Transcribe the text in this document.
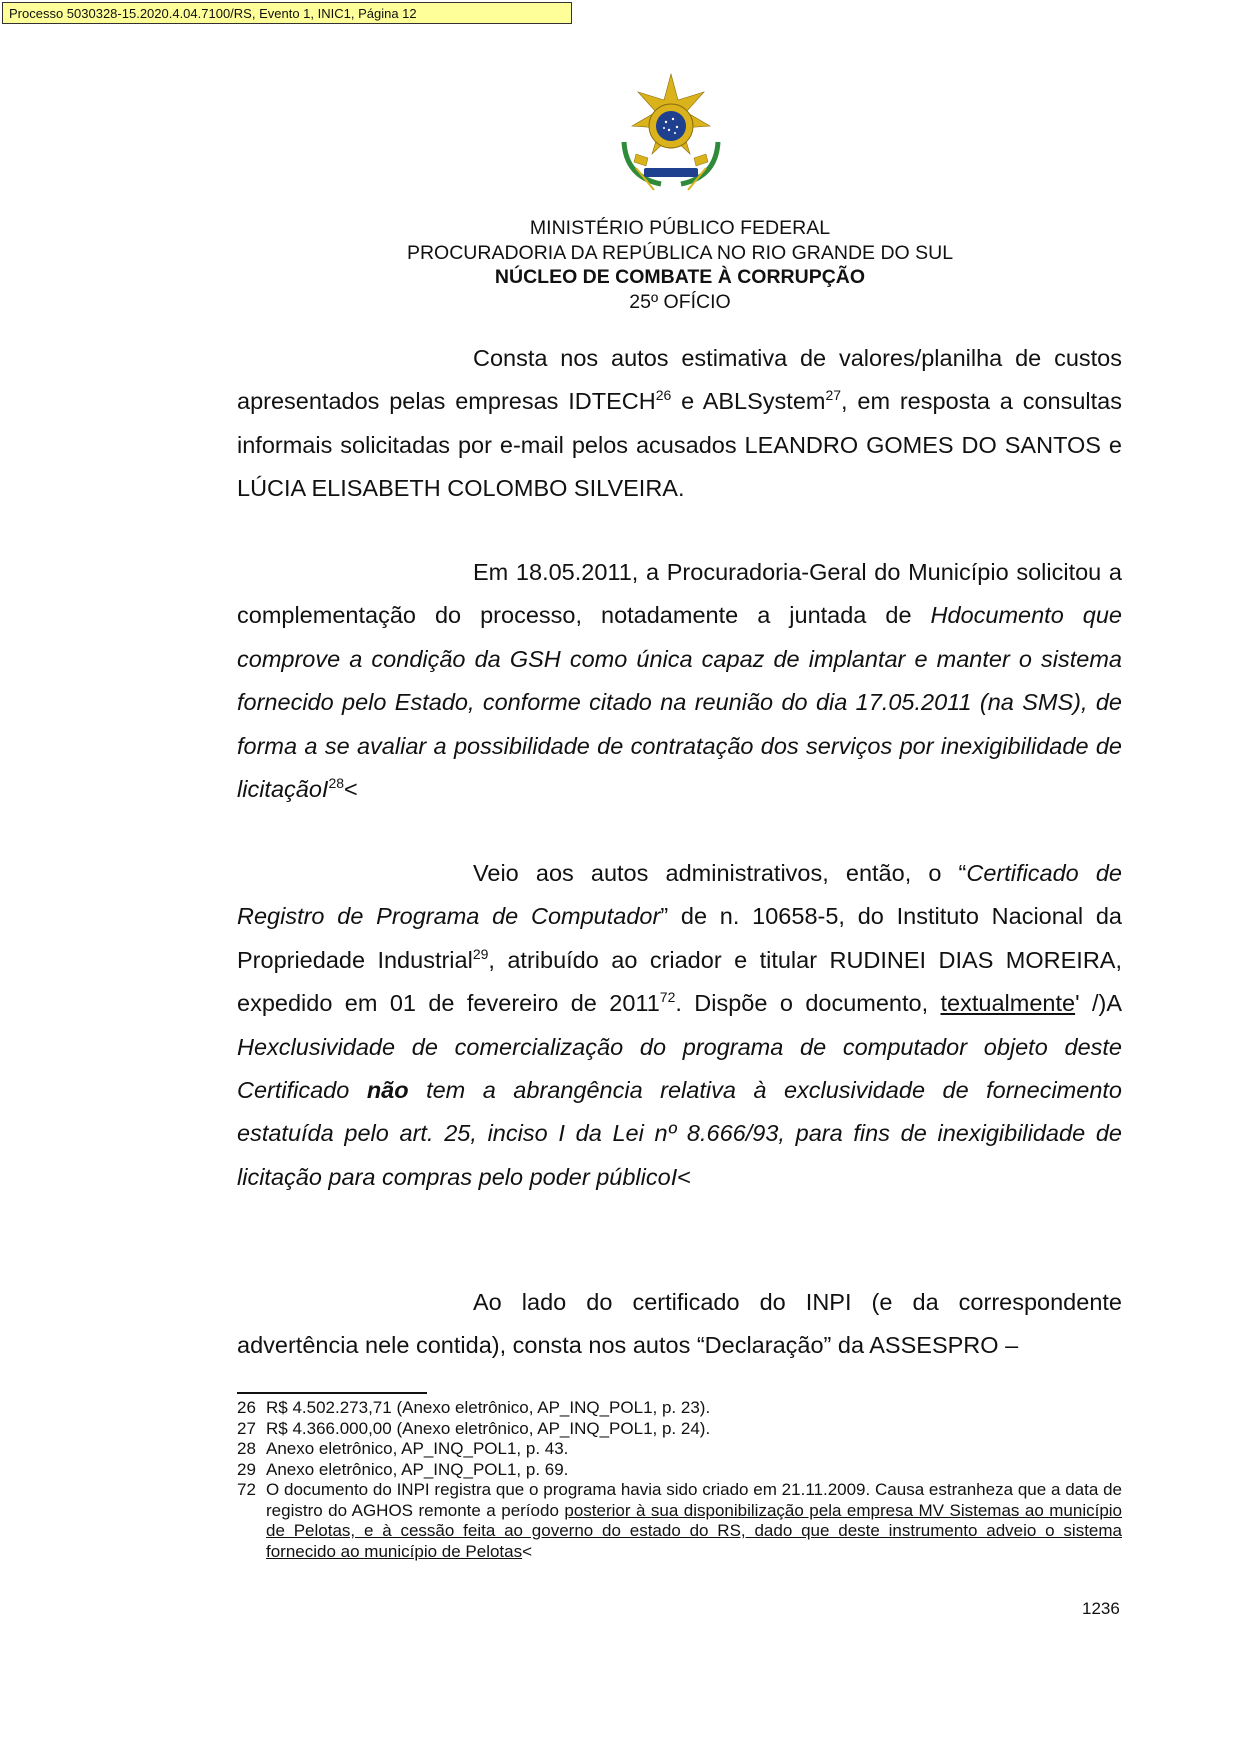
Processo 5030328-15.2020.4.04.7100/RS, Evento 1, INIC1, Página 12
MINISTÉRIO PÚBLICO FEDERAL
PROCURADORIA DA REPÚBLICA NO RIO GRANDE DO SUL
NÚCLEO DE COMBATE À CORRUPÇÃO
25º OFÍCIO

Consta nos autos estimativa de valores/planilha de custos apresentados pelas empresas IDTECH$^{26}$ e ABLSystem$^{27}$, em resposta a consultas informais solicitadas por e-mail pelos acusados LEANDRO GOMES DO SANTOS e LÚCIA ELISABETH COLOMBO SILVEIRA.

Em 18.05.2011, a Procuradoria-Geral do Município solicitou a complementação do processo, notadamente a juntada de Hdocumento que comprove a condição da GSH como única capaz de implantar e manter o sistema fornecido pelo Estado, conforme citado na reunião do dia 17.05.2011 (na SMS), de forma a se avaliar a possibilidade de contratação dos serviços por inexigibilidade de licitaçãoI$^{28}$<

Veio aos autos administrativos, então, o “Certificado de Registro de Programa de Computador” de n. 10658-5, do Instituto Nacional da Propriedade Industrial$^{29}$, atribuído ao criador e titular RUDINEI DIAS MOREIRA, expedido em 01 de fevereiro de 2011$^{72}$. Dispõe o documento, textualmente' /)A Hexclusividade de comercialização do programa de computador objeto deste Certificado não tem a abrangência relativa à exclusividade de fornecimento estatuída pelo art. 25, inciso I da Lei nº 8.666/93, para fins de inexigibilidade de licitação para compras pelo poder públicoI<

Ao lado do certificado do INPI (e da correspondente advertência nele contida), consta nos autos “Declaração” da ASSESPRO –

26 R$ 4.502.273,71 (Anexo eletrônico, AP_INQ_POL1, p. 23).
27 R$ 4.366.000,00 (Anexo eletrônico, AP_INQ_POL1, p. 24).
28 Anexo eletrônico, AP_INQ_POL1, p. 43.
29 Anexo eletrônico, AP_INQ_POL1, p. 69.
72 O documento do INPI registra que o programa havia sido criado em 21.11.2009. Causa estranheza que a data de registro do AGHOS remonte a período posterior à sua disponibilização pela empresa MV Sistemas ao município de Pelotas, e à cessão feita ao governo do estado do RS, dado que deste instrumento adveio o sistema fornecido ao município de Pelotas<
1236
